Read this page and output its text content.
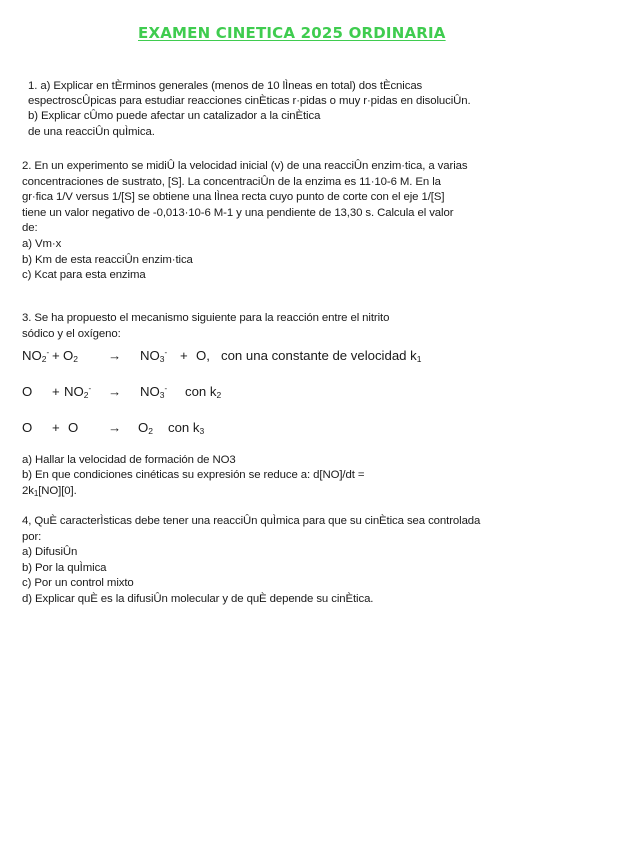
EXAMEN CINETICA 2025 ORDINARIA
1. a) Explicar en tÈrminos generales (menos de 10 lÌneas en total) dos tÈcnicas
espectroscÛpicas para estudiar reacciones cinÈticas r·pidas o muy r·pidas en disoluciÛn.
b) Explicar cÛmo puede afectar un catalizador a la cinÈtica
de una reacciÛn quÌmica.
2. En un experimento se midiÛ la velocidad inicial (v) de una reacciÛn enzim·tica, a varias
concentraciones de sustrato, [S]. La concentraciÛn de la enzima es 11·10-6 M. En la
gr·fica 1/V versus 1/[S] se obtiene una lÌnea recta cuyo punto de corte con el eje 1/[S]
tiene un valor negativo de -0,013·10-6 M-1 y una pendiente de 13,30 s. Calcula el valor
de:
a) Vm·x
b) Km de esta reacciÛn enzim·tica
c) Kcat para esta enzima
3. Se ha propuesto el mecanismo siguiente para la reacción entre el nitrito
sódico y el oxígeno:
$NO_2^- + O_2 \to NO_3^- + O$, con una constante de velocidad $k_1$
$O + NO_2^- \to NO_3^-$ con $k_2$
$O + O \to O_2$ con $k_3$
a) Hallar la velocidad de formación de NO3
b) En que condiciones cinéticas su expresión se reduce a: d[NO]/dt =
$2k_1[NO][0]$.
4, QuÈ caracterÌsticas debe tener una reacciÛn quÌmica para que su cinÈtica sea controlada
por:
a) DifusiÛn
b) Por la quÌmica
c) Por un control mixto
d) Explicar quÈ es la difusiÛn molecular y de quÈ depende su cinÈtica.
